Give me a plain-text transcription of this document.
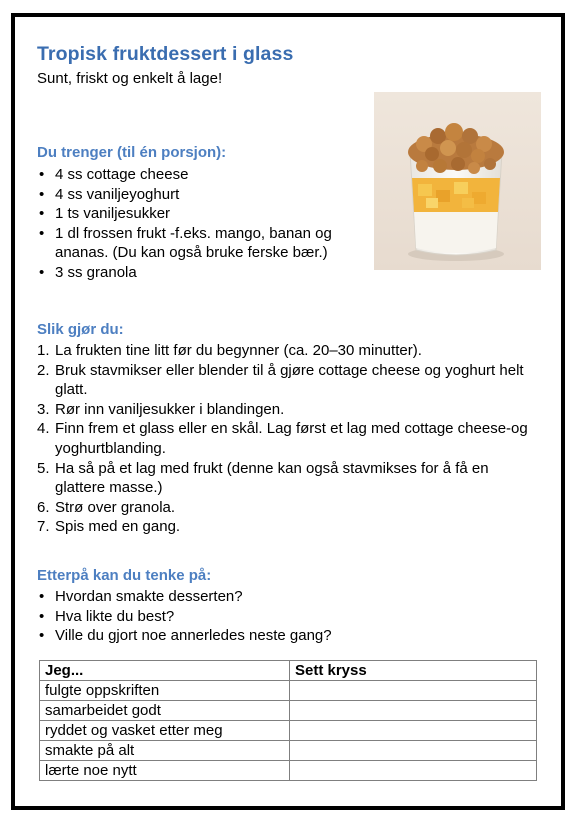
Tropisk fruktdessert i glass

Sunt, friskt og enkelt å lage!

Du trenger (til én porsjon):
• 4 ss cottage cheese
• 4 ss vaniljeyoghurt
• 1 ts vaniljesukker
• 1 dl frossen frukt -f.eks. mango, banan og ananas. (Du kan også bruke ferske bær.)
• 3 ss granola
Slik gjør du:
1. La frukten tine litt før du begynner (ca. 20–30 minutter).
2. Bruk stavmikser eller blender til å gjøre cottage cheese og yoghurt helt glatt.
3. Rør inn vaniljesukker i blandingen.
4. Finn frem et glass eller en skål. Lag først et lag med cottage cheese-og yoghurtblanding.
5. Ha så på et lag med frukt (denne kan også stavmikses for å få en glattere masse.)
6. Strø over granola.
7. Spis med en gang.
Etterpå kan du tenke på:
• Hvordan smakte desserten?
• Hva likte du best?
• Ville du gjort noe annerledes neste gang?
Jeg...	Sett kryss
fulgte oppskriften	
samarbeidet godt	
ryddet og vasket etter meg	
smakte på alt	
lærte noe nytt	
